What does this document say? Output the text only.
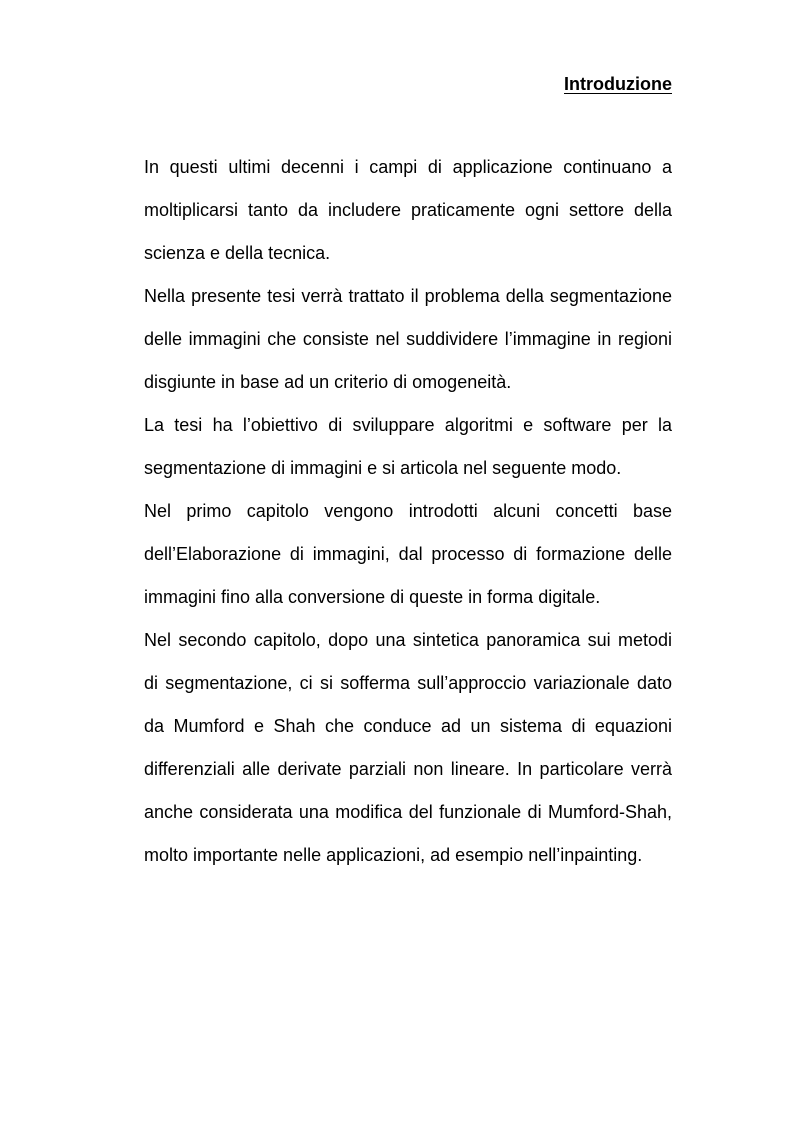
Introduzione

In questi ultimi decenni i campi di applicazione continuano a moltiplicarsi tanto da includere praticamente ogni settore della scienza e della tecnica.

Nella presente tesi verrà trattato il problema della segmentazione delle immagini che consiste nel suddividere l’immagine in regioni disgiunte in base ad un criterio di omogeneità.

La tesi ha l’obiettivo di sviluppare algoritmi e software per la segmentazione di immagini e si articola nel seguente modo.

Nel primo capitolo vengono introdotti alcuni concetti base dell’Elaborazione di immagini, dal processo di formazione delle immagini fino alla conversione di queste in forma digitale.

Nel secondo capitolo, dopo una sintetica panoramica sui metodi di segmentazione, ci si sofferma sull’approccio variazionale dato da Mumford e Shah che conduce ad un sistema di equazioni differenziali alle derivate parziali non lineare. In particolare verrà anche considerata una modifica del funzionale di Mumford-Shah, molto importante nelle applicazioni, ad esempio nell’inpainting.
